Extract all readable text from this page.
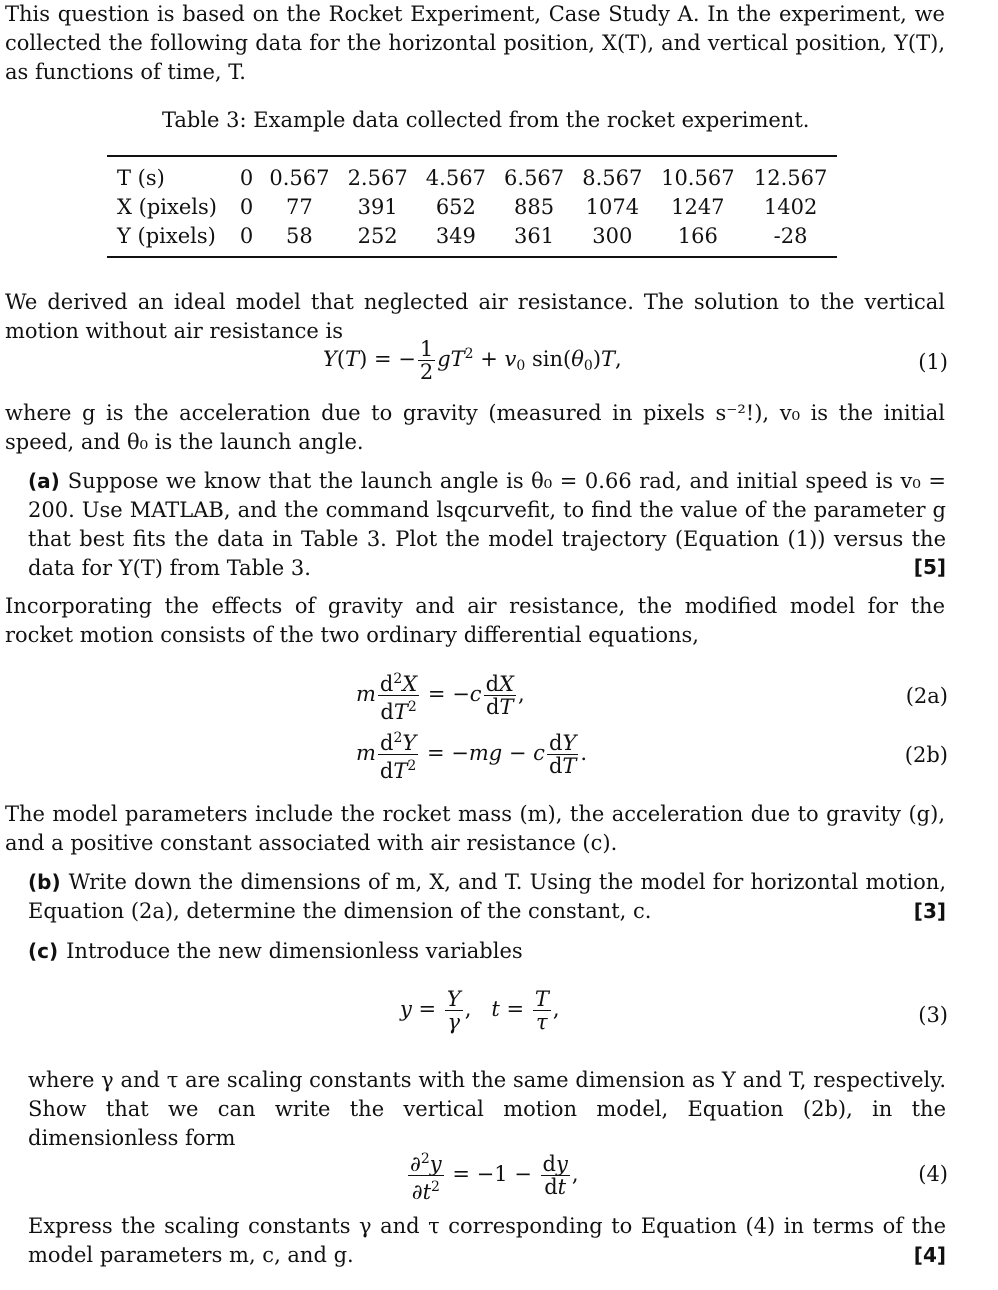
This question is based on the Rocket Experiment, Case Study A. In the experiment, we collected the following data for the horizontal position, X(T), and vertical position, Y(T), as functions of time, T.
Table 3: Example data collected from the rocket experiment.
T (s)	0	0.567	2.567	4.567	6.567	8.567	10.567	12.567
X (pixels)	0	77	391	652	885	1074	1247	1402
Y (pixels)	0	58	252	349	361	300	166	-28
We derived an ideal model that neglected air resistance. The solution to the vertical motion without air resistance is
Y(T) = − $\frac{1}{2} gT^2 + v_0$ $\sin(\theta_0)T$,	(1)
where g is the acceleration due to gravity (measured in pixels s⁻²!), v₀ is the initial speed, and θ₀ is the launch angle.
(a) Suppose we know that the launch angle is θ₀ = 0.66 rad, and initial speed is v₀ = 200. Use MATLAB, and the command lsqcurvefit, to find the value of the parameter g that best fits the data in Table 3. Plot the model trajectory (Equation (1)) versus the data for Y(T) from Table 3.	[5]
Incorporating the effects of gravity and air resistance, the modified model for the rocket motion consists of the two ordinary differential equations,
m $\frac{d^2X}{dT^2} = -c \frac{dX}{dT}$ ,	(2a)
m $\frac{d^2Y}{dT^2} = -mg - c \frac{dY}{dT}$ .	(2b)
The model parameters include the rocket mass (m), the acceleration due to gravity (g), and a positive constant associated with air resistance (c).
(b) Write down the dimensions of m, X, and T. Using the model for horizontal motion, Equation (2a), determine the dimension of the constant, c.	[3]
(c) Introduce the new dimensionless variables
$y = \frac{Y}{\gamma}$ ,   $t = \frac{T}{\tau}$ ,	(3)
where γ and τ are scaling constants with the same dimension as Y and T, respectively. Show that we can write the vertical motion model, Equation (2b), in the dimensionless form
$\frac{\partial^2y}{\partial t^2} = -1 - \frac{dy}{dt}$ ,	(4)
Express the scaling constants γ and τ corresponding to Equation (4) in terms of the model parameters m, c, and g.	[4]
